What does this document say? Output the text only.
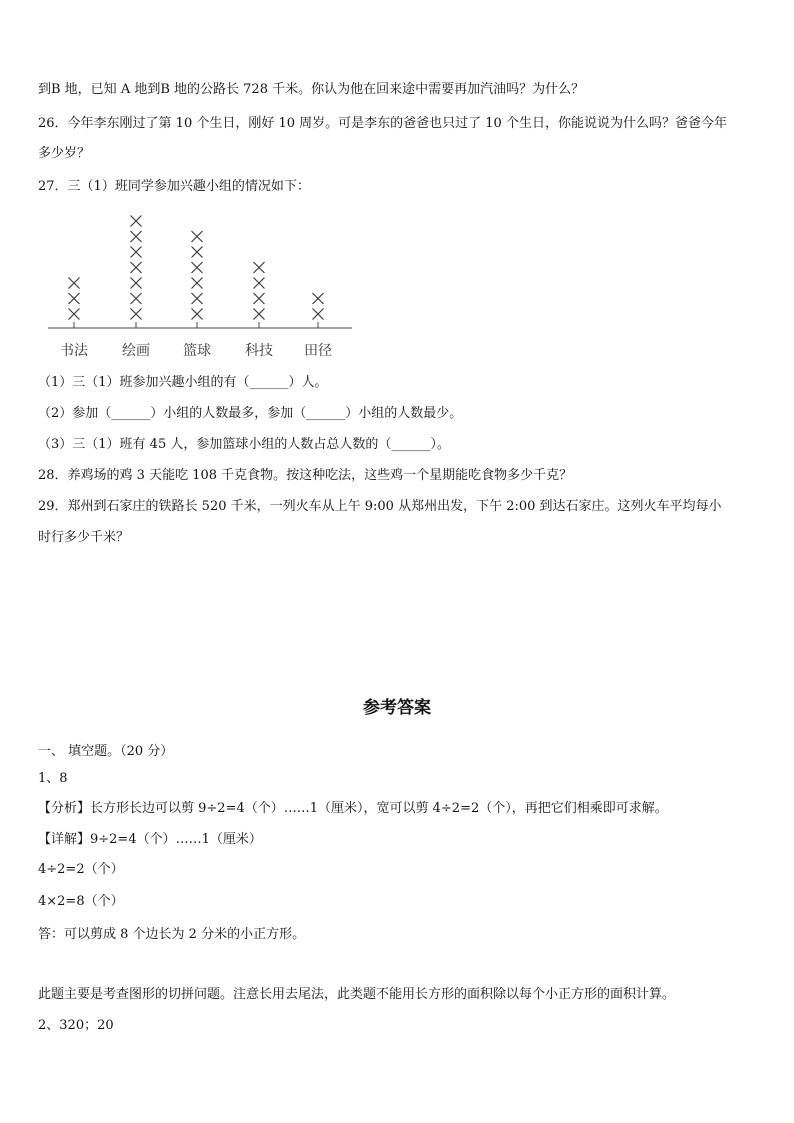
到B 地，已知 A 地到B 地的公路长 728 千米。你认为他在回来途中需要再加汽油吗？为什么？
26．今年李东刚过了第 10 个生日，刚好 10 周岁。可是李东的爸爸也只过了 10 个生日，你能说说为什么吗？爸爸今年
多少岁？
27．三（1）班同学参加兴趣小组的情况如下：
书法 绘画 篮球 科技 田径
（1）三（1）班参加兴趣小组的有（______）人。
（2）参加（______）小组的人数最多，参加（______）小组的人数最少。
（3）三（1）班有 45 人，参加篮球小组的人数占总人数的（______）。
28．养鸡场的鸡 3 天能吃 108 千克食物。按这种吃法，这些鸡一个星期能吃食物多少千克？
29．郑州到石家庄的铁路长 520 千米，一列火车从上午 9:00 从郑州出发，下午 2:00 到达石家庄。这列火车平均每小
时行多少千米？
参考答案
一、 填空题。（20 分）
1、8
【分析】长方形长边可以剪 9÷2=4（个）……1（厘米），宽可以剪 4÷2=2（个），再把它们相乘即可求解。
【详解】9÷2=4（个）……1（厘米）
4÷2=2（个）
4×2=8（个）
答：可以剪成 8 个边长为 2 分米的小正方形。
此题主要是考查图形的切拼问题。注意长用去尾法，此类题不能用长方形的面积除以每个小正方形的面积计算。
2、320；20
